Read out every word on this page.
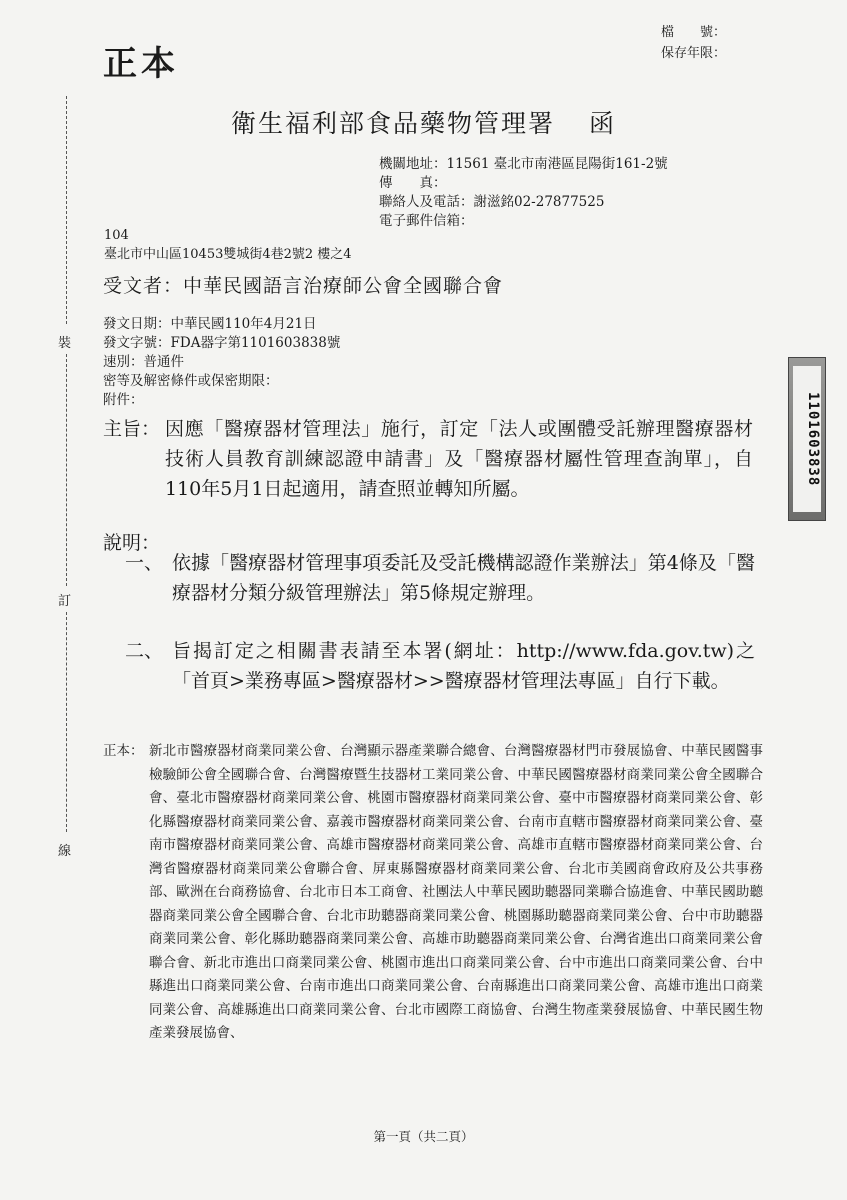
正本
檔　　號：
保存年限：
衛生福利部食品藥物管理署 函
機關地址：11561 臺北市南港區昆陽街161-2號
傳　　真：
聯絡人及電話：謝滋銘02-27877525
電子郵件信箱：
104
臺北市中山區10453雙城街4巷2號2 樓之4
受文者：中華民國語言治療師公會全國聯合會
發文日期：中華民國110年4月21日
發文字號：FDA器字第1101603838號
速別：普通件
密等及解密條件或保密期限：
附件：
主旨： 因應「醫療器材管理法」施行，訂定「法人或團體受託辦理醫療器材技術人員教育訓練認證申請書」及「醫療器材屬性管理查詢單」，自110年5月1日起適用，請查照並轉知所屬。
說明：
一、 依據「醫療器材管理事項委託及受託機構認證作業辦法」第4條及「醫療器材分類分級管理辦法」第5條規定辦理。
二、 旨揭訂定之相關書表請至本署(網址：http://www.fda.gov.tw)之「首頁>業務專區>醫療器材>>醫療器材管理法專區」自行下載。
正本： 新北市醫療器材商業同業公會、台灣顯示器產業聯合總會、台灣醫療器材門市發展協會、中華民國醫事檢驗師公會全國聯合會、台灣醫療暨生技器材工業同業公會、中華民國醫療器材商業同業公會全國聯合會、臺北市醫療器材商業同業公會、桃園市醫療器材商業同業公會、臺中市醫療器材商業同業公會、彰化縣醫療器材商業同業公會、嘉義市醫療器材商業同業公會、台南市直轄市醫療器材商業同業公會、臺南市醫療器材商業同業公會、高雄市醫療器材商業同業公會、高雄市直轄市醫療器材商業同業公會、台灣省醫療器材商業同業公會聯合會、屏東縣醫療器材商業同業公會、台北市美國商會政府及公共事務部、歐洲在台商務協會、台北市日本工商會、社團法人中華民國助聽器同業聯合協進會、中華民國助聽器商業同業公會全國聯合會、台北市助聽器商業同業公會、桃園縣助聽器商業同業公會、台中市助聽器商業同業公會、彰化縣助聽器商業同業公會、高雄市助聽器商業同業公會、台灣省進出口商業同業公會聯合會、新北市進出口商業同業公會、桃園市進出口商業同業公會、台中市進出口商業同業公會、台中縣進出口商業同業公會、台南市進出口商業同業公會、台南縣進出口商業同業公會、高雄市進出口商業同業公會、高雄縣進出口商業同業公會、台北市國際工商協會、台灣生物產業發展協會、中華民國生物產業發展協會、
裝
訂
線
1101603838
第一頁（共二頁）
